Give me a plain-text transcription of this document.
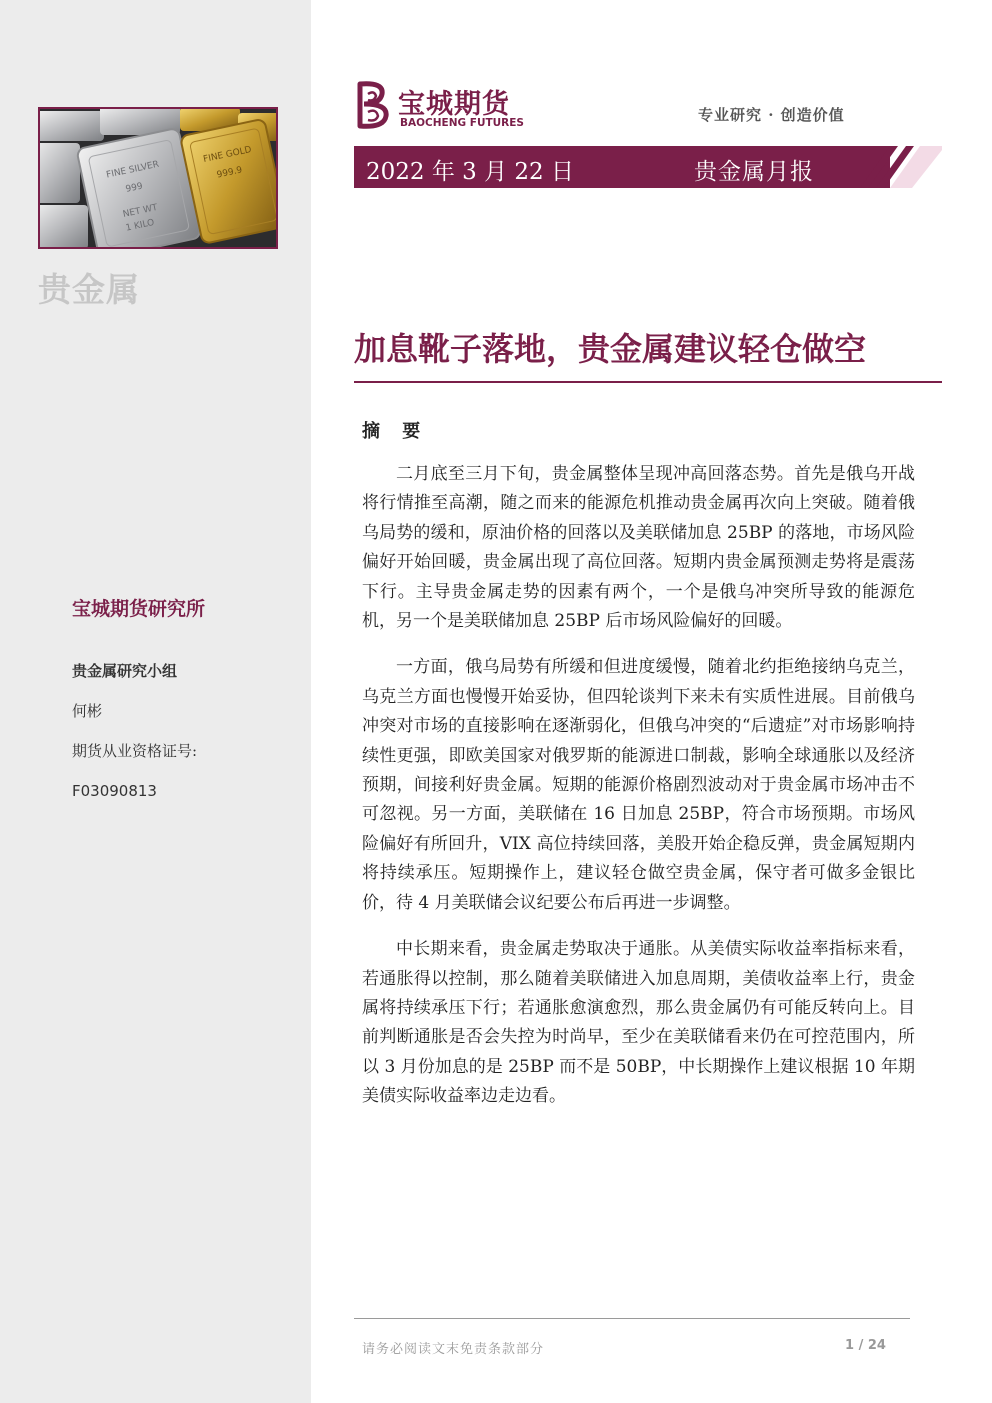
FINE SILVER
999
NET WT
1 KILO
FINE GOLD
999.9
贵金属
宝城期货研究所
贵金属研究小组
何彬
期货从业资格证号:
F03090813
宝城期货
BAOCHENG FUTURES	专业研究 · 创造价值
2022 年 3 月 22 日	贵金属月报
加息靴子落地，贵金属建议轻仓做空
摘 要

二月底至三月下旬，贵金属整体呈现冲高回落态势。首先是俄乌开战将行情推至高潮，随之而来的能源危机推动贵金属再次向上突破。随着俄乌局势的缓和，原油价格的回落以及美联储加息 25BP 的落地，市场风险偏好开始回暖，贵金属出现了高位回落。短期内贵金属预测走势将是震荡下行。主导贵金属走势的因素有两个，一个是俄乌冲突所导致的能源危机，另一个是美联储加息 25BP 后市场风险偏好的回暖。

一方面，俄乌局势有所缓和但进度缓慢，随着北约拒绝接纳乌克兰，乌克兰方面也慢慢开始妥协，但四轮谈判下来未有实质性进展。目前俄乌冲突对市场的直接影响在逐渐弱化，但俄乌冲突的“后遗症”对市场影响持续性更强，即欧美国家对俄罗斯的能源进口制裁，影响全球通胀以及经济预期，间接利好贵金属。短期的能源价格剧烈波动对于贵金属市场冲击不可忽视。另一方面，美联储在 16 日加息 25BP，符合市场预期。市场风险偏好有所回升，VIX 高位持续回落，美股开始企稳反弹，贵金属短期内将持续承压。短期操作上，建议轻仓做空贵金属，保守者可做多金银比价，待 4 月美联储会议纪要公布后再进一步调整。

中长期来看，贵金属走势取决于通胀。从美债实际收益率指标来看，若通胀得以控制，那么随着美联储进入加息周期，美债收益率上行，贵金属将持续承压下行；若通胀愈演愈烈，那么贵金属仍有可能反转向上。目前判断通胀是否会失控为时尚早，至少在美联储看来仍在可控范围内，所以 3 月份加息的是 25BP 而不是 50BP，中长期操作上建议根据 10 年期美债实际收益率边走边看。

请务必阅读文末免责条款部分	1 / 24
